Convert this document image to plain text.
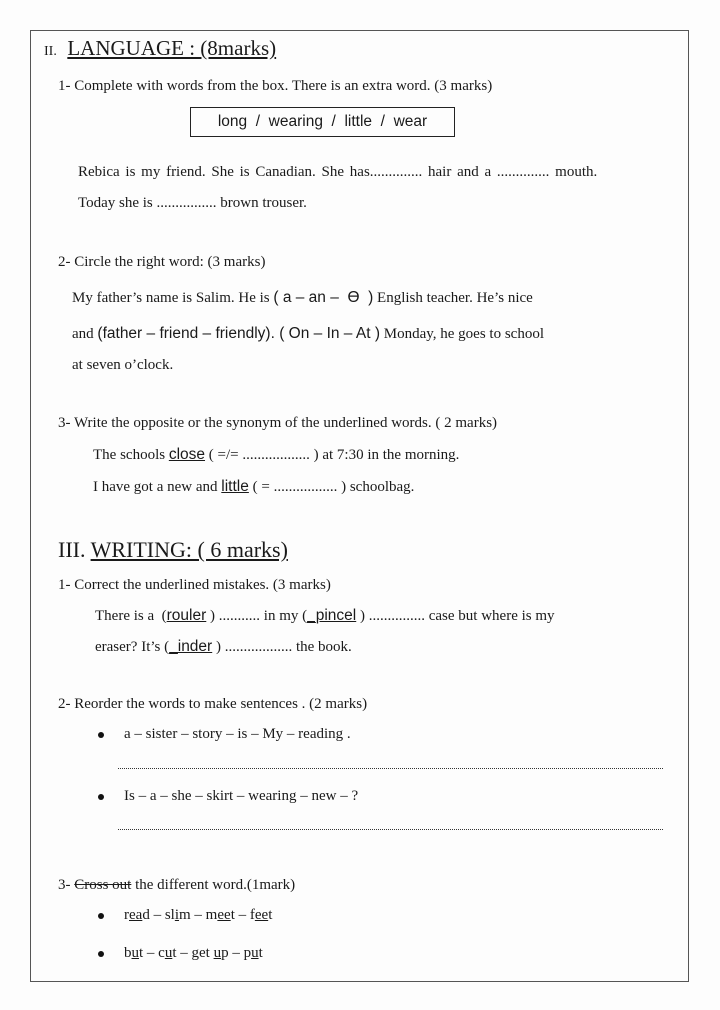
II. LANGUAGE : (8marks)
1- Complete with words from the box. There is an extra word. (3 marks)
long  /  wearing  /  little  /  wear
Rebica is my friend. She is Canadian. She has.............. hair and a .............. mouth.
Today she is ................ brown trouser.
2- Circle the right word: (3 marks)
My father’s name is Salim. He is ( a – an –  ϴ  ) English teacher. He’s nice
and (father – friend – friendly). ( On – In – At ) Monday, he goes to school
at seven o’clock.
3- Write the opposite or the synonym of the underlined words. ( 2 marks)
The schools close ( =/= .................. ) at 7:30 in the morning.
I have got a new and little ( = ................. ) schoolbag.
III. WRITING: ( 6 marks)
1- Correct the underlined mistakes. (3 marks)
There is a  (rouler ) ........... in my (_pincel ) ............... case but where is my
eraser? It’s (_inder ) .................. the book.
2- Reorder the words to make sentences . (2 marks)
a – sister – story – is – My – reading .
Is – a – she – skirt – wearing – new – ?
3- Cross out the different word.(1mark)
read – slim – meet – feet
but – cut – get up – put
